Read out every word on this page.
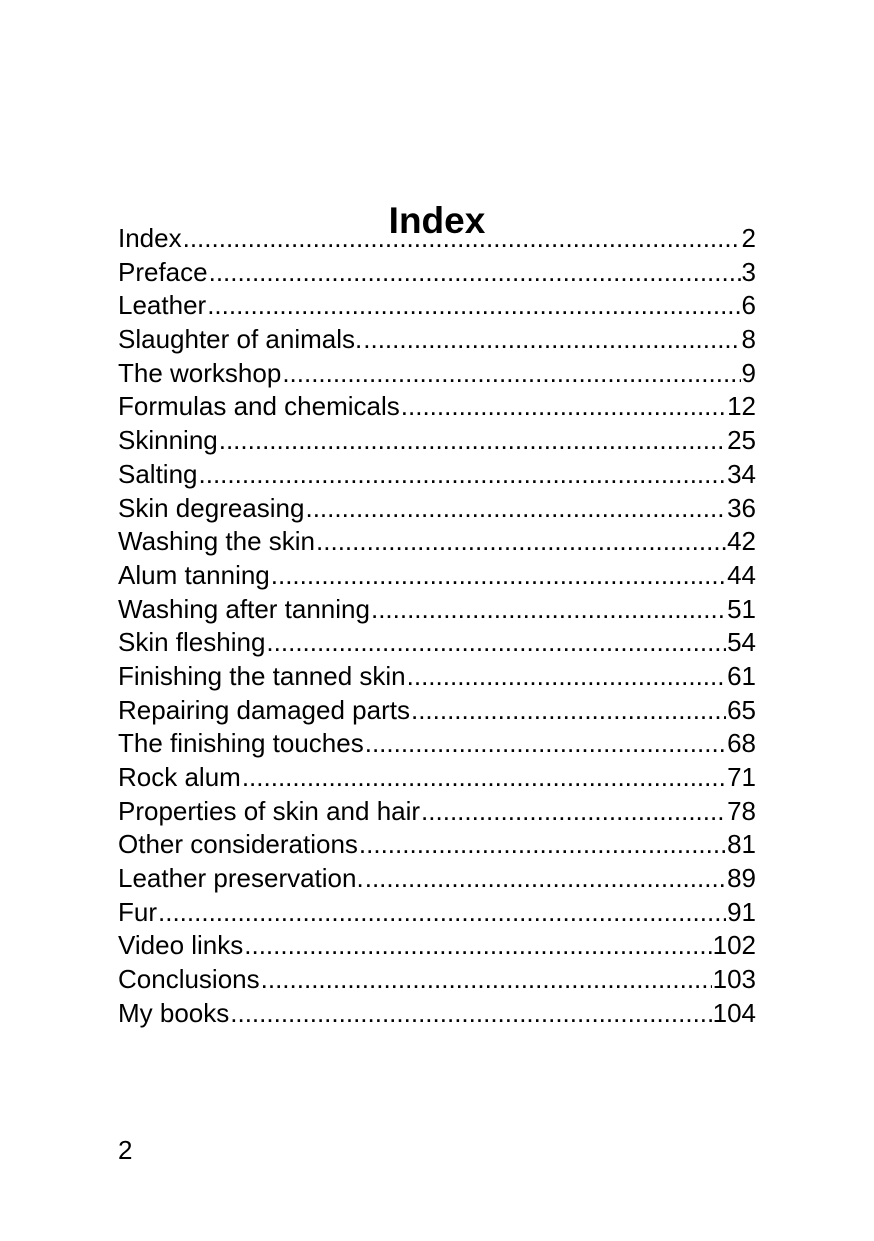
Index
Index .....	2
Preface .....	3
Leather .....	6
Slaughter of animals. .....	8
The workshop .....	9
Formulas and chemicals .....	12
Skinning .....	25
Salting .....	34
Skin degreasing .....	36
Washing the skin .....	42
Alum tanning .....	44
Washing after tanning .....	51
Skin fleshing .....	54
Finishing the tanned skin .....	61
Repairing damaged parts .....	65
The finishing touches .....	68
Rock alum .....	71
Properties of skin and hair .....	78
Other considerations .....	81
Leather preservation. .....	89
Fur .....	91
Video links .....	102
Conclusions .....	103
My books .....	104
2
